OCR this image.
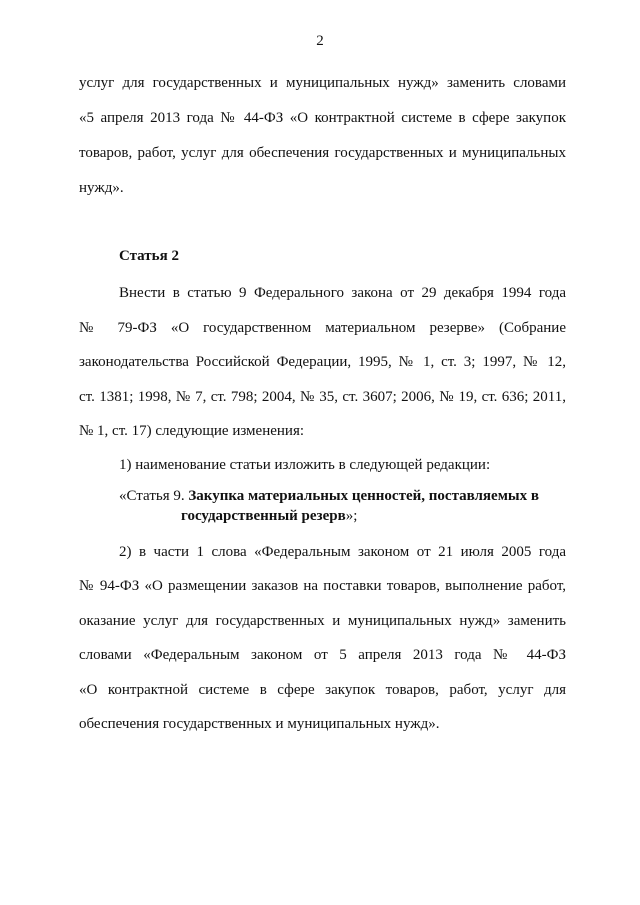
2
услуг для государственных и муниципальных нужд» заменить словами
«5 апреля 2013 года № 44-ФЗ «О контрактной системе в сфере закупок
товаров, работ, услуг для обеспечения государственных и муниципальных
нужд».
Статья 2
Внести в статью 9 Федерального закона от 29 декабря 1994 года
№ 79-ФЗ «О государственном материальном резерве» (Собрание
законодательства Российской Федерации, 1995, № 1, ст. 3; 1997, № 12,
ст. 1381; 1998, № 7, ст. 798; 2004, № 35, ст. 3607; 2006, № 19, ст. 636; 2011,
№ 1, ст. 17) следующие изменения:
1) наименование статьи изложить в следующей редакции:
«Статья 9. Закупка материальных ценностей, поставляемых в
государственный резерв»;
2) в части 1 слова «Федеральным законом от 21 июля 2005 года
№ 94-ФЗ «О размещении заказов на поставки товаров, выполнение работ,
оказание услуг для государственных и муниципальных нужд» заменить
словами «Федеральным законом от 5 апреля 2013 года № 44-ФЗ
«О контрактной системе в сфере закупок товаров, работ, услуг для
обеспечения государственных и муниципальных нужд».
